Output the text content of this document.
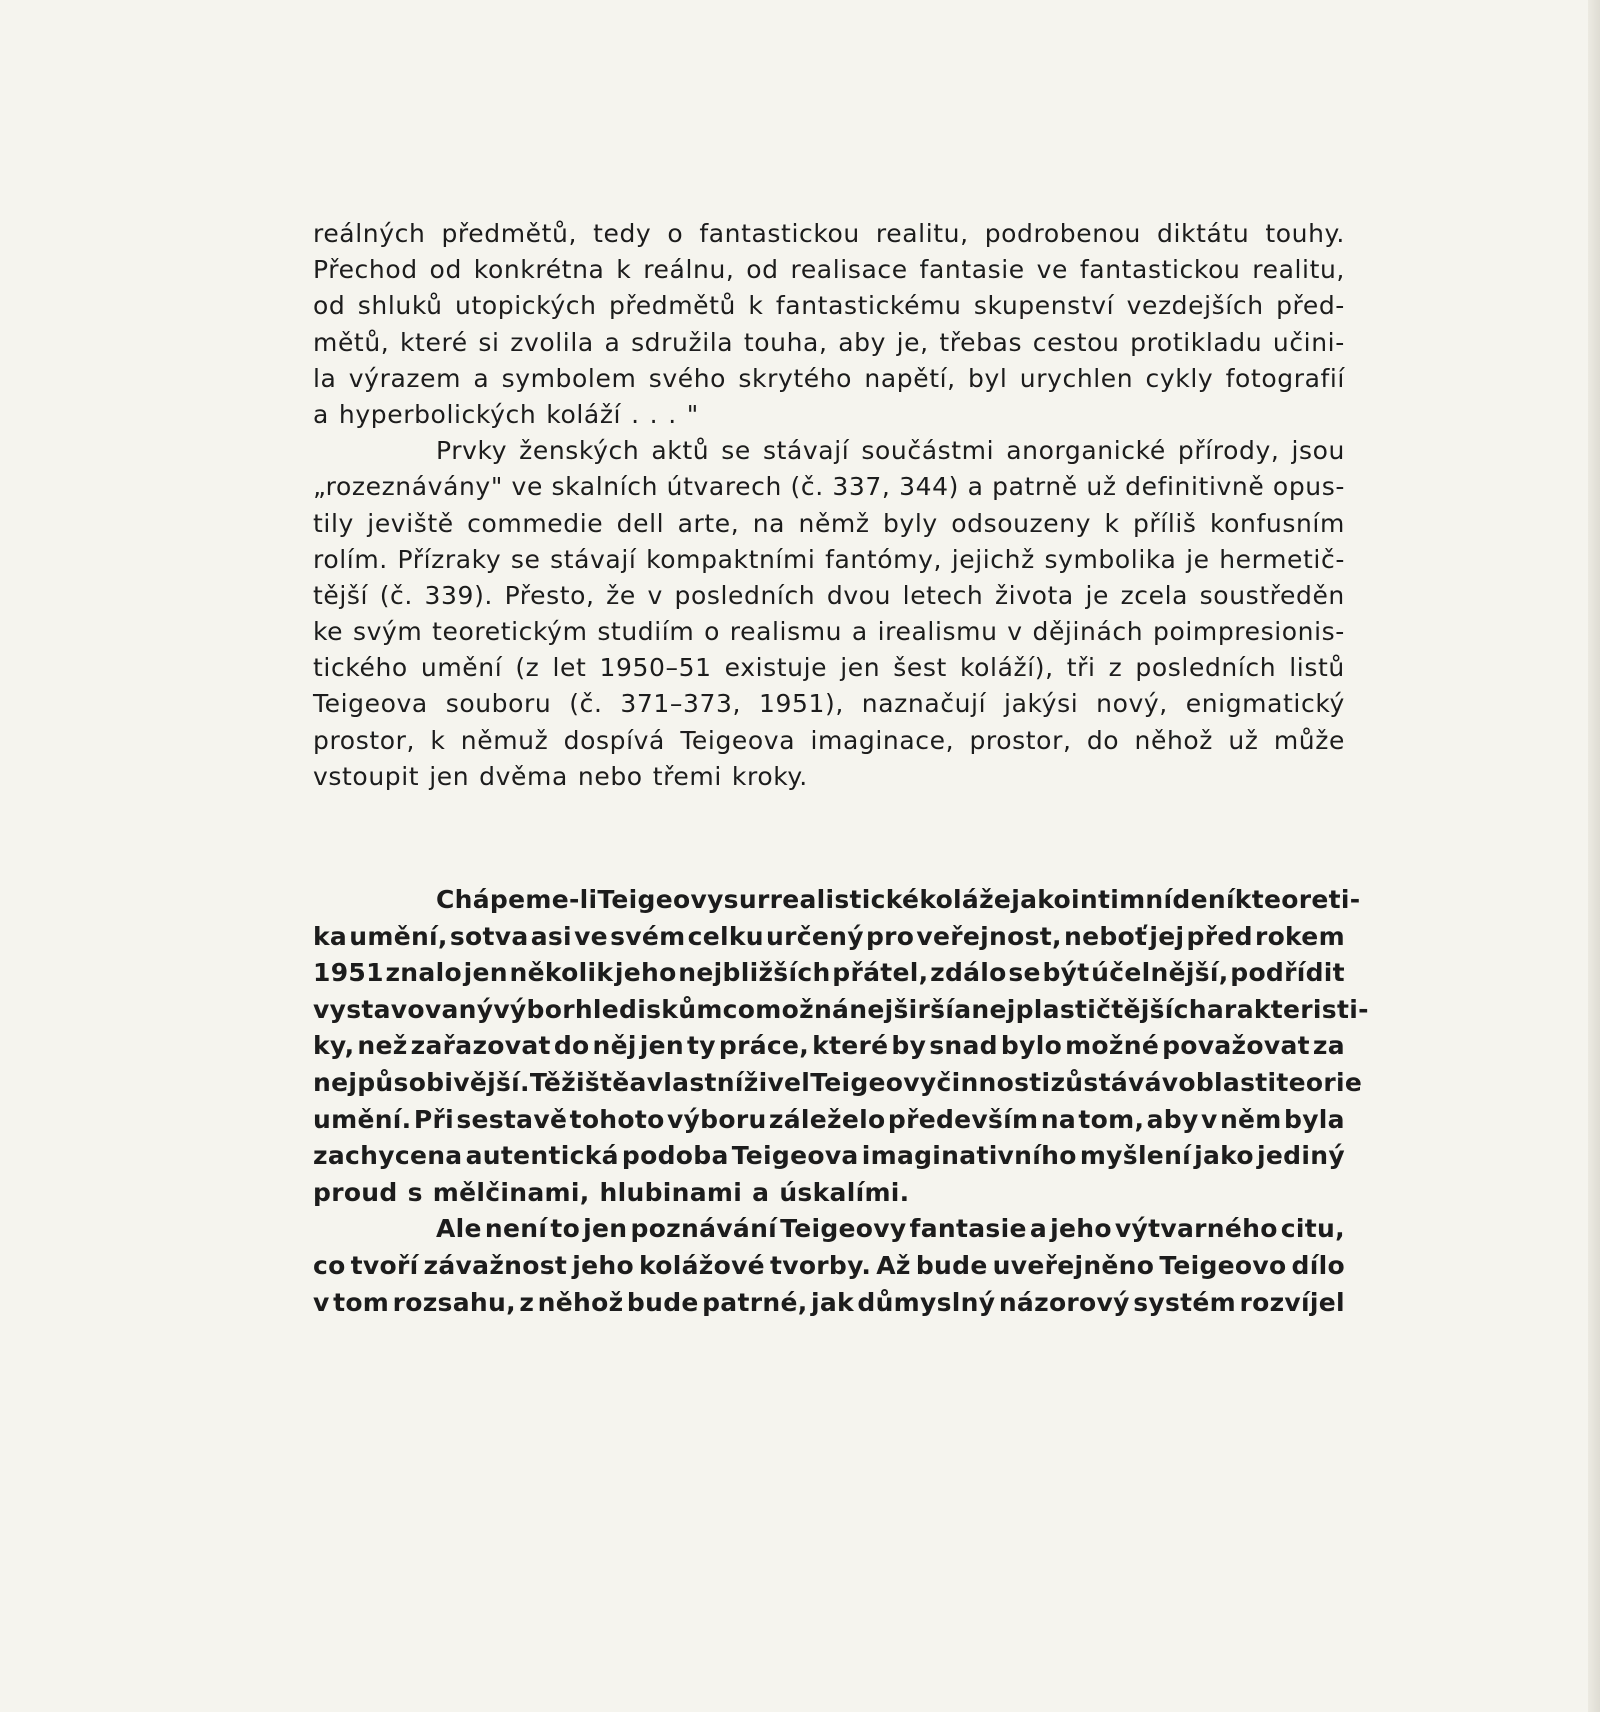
reálných předmětů, tedy o fantastickou realitu, podrobenou diktátu touhy.
Přechod od konkrétna k reálnu, od realisace fantasie ve fantastickou realitu,
od shluků utopických předmětů k fantastickému skupenství vezdejších před-
mětů, které si zvolila a sdružila touha, aby je, třebas cestou protikladu učini-
la výrazem a symbolem svého skrytého napětí, byl urychlen cykly fotografií
a hyperbolických koláží . . . "
Prvky ženských aktů se stávají součástmi anorganické přírody, jsou
„rozeznávány" ve skalních útvarech (č. 337, 344) a patrně už definitivně opus-
tily jeviště commedie dell arte, na němž byly odsouzeny k příliš konfusním
rolím. Přízraky se stávají kompaktními fantómy, jejichž symbolika je hermetič-
tější (č. 339). Přesto, že v posledních dvou letech života je zcela soustředěn
ke svým teoretickým studiím o realismu a irealismu v dějinách poimpresionis-
tického umění (z let 1950–51 existuje jen šest koláží), tři z posledních listů
Teigeova souboru (č. 371–373, 1951), naznačují jakýsi nový, enigmatický
prostor, k němuž dospívá Teigeova imaginace, prostor, do něhož už může
vstoupit jen dvěma nebo třemi kroky.
Chápeme-li Teigeovy surrealistické koláže jako intimní deník teoreti-
ka umění, sotva asi ve svém celku určený pro veřejnost, neboť jej před rokem
1951 znalo jen několik jeho nejbližších přátel, zdálo se být účelnější, podřídit
vystavovaný výbor hlediskům co možná nejširší a nejplastičtější charakteristi-
ky, než zařazovat do něj jen ty práce, které by snad bylo možné považovat za
nejpůsobivější. Těžiště a vlastní živel Teigeovy činnosti zůstává v oblasti teorie
umění. Při sestavě tohoto výboru záleželo především na tom, aby v něm byla
zachycena autentická podoba Teigeova imaginativního myšlení jako jediný
proud s mělčinami, hlubinami a úskalími.
Ale není to jen poznávání Teigeovy fantasie a jeho výtvarného citu,
co tvoří závažnost jeho kolážové tvorby. Až bude uveřejněno Teigeovo dílo
v tom rozsahu, z něhož bude patrné, jak důmyslný názorový systém rozvíjel
